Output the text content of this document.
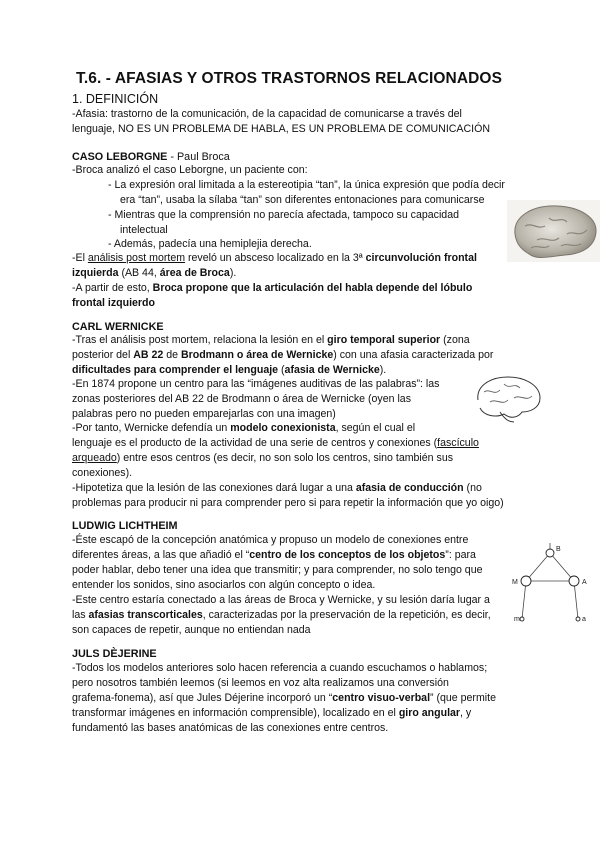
T.6. - AFASIAS Y OTROS TRASTORNOS RELACIONADOS
1. DEFINICIÓN
-Afasia: trastorno de la comunicación, de la capacidad de comunicarse a través del
lenguaje, NO ES UN PROBLEMA DE HABLA, ES UN PROBLEMA DE COMUNICACIÓN
CASO LEBORGNE - Paul Broca
-Broca analizó el caso Leborgne, un paciente con:
- La expresión oral limitada a la estereotipia “tan”, la única expresión que podía decir
era “tan”, usaba la sílaba “tan” son diferentes entonaciones para comunicarse
- Mientras que la comprensión no parecía afectada, tampoco su capacidad
intelectual
- Además, padecía una hemiplejia derecha.
-El análisis post mortem reveló un absceso localizado en la 3ª circunvolución frontal
izquierda (AB 44, área de Broca).
-A partir de esto, Broca propone que la articulación del habla depende del lóbulo
frontal izquierdo
CARL WERNICKE
-Tras el análisis post mortem, relaciona la lesión en el giro temporal superior (zona
posterior del AB 22 de Brodmann o área de Wernicke) con una afasia caracterizada por
dificultades para comprender el lenguaje (afasia de Wernicke).
-En 1874 propone un centro para las “imágenes auditivas de las palabras”: las
zonas posteriores del AB 22 de Brodmann o área de Wernicke (oyen las
palabras pero no pueden emparejarlas con una imagen)
-Por tanto, Wernicke defendía un modelo conexionista, según el cual el
lenguaje es el producto de la actividad de una serie de centros y conexiones (fascículo
arqueado) entre esos centros (es decir, no son solo los centros, sino también sus
conexiones).
-Hipotetiza que la lesión de las conexiones dará lugar a una afasia de conducción (no
problemas para producir ni para comprender pero si para repetir la información que yo oigo)
LUDWIG LICHTHEIM
-Éste escapó de la concepción anatómica y propuso un modelo de conexiones entre
diferentes áreas, a las que añadió el “centro de los conceptos de los objetos”: para
poder hablar, debo tener una idea que transmitir; y para comprender, no solo tengo que
entender los sonidos, sino asociarlos con algún concepto o idea.
-Este centro estaría conectado a las áreas de Broca y Wernicke, y su lesión daría lugar a
las afasias transcorticales, caracterizadas por la preservación de la repetición, es decir,
son capaces de repetir, aunque no entiendan nada
B
M	A
m	a
JULS DÈJERINE
-Todos los modelos anteriores solo hacen referencia a cuando escuchamos o hablamos;
pero nosotros también leemos (si leemos en voz alta realizamos una conversión
grafema-fonema), así que Jules Déjerine incorporó un “centro visuo-verbal” (que permite
transformar imágenes en información comprensible), localizado en el giro angular, y
fundamentó las bases anatómicas de las conexiones entre centros.
